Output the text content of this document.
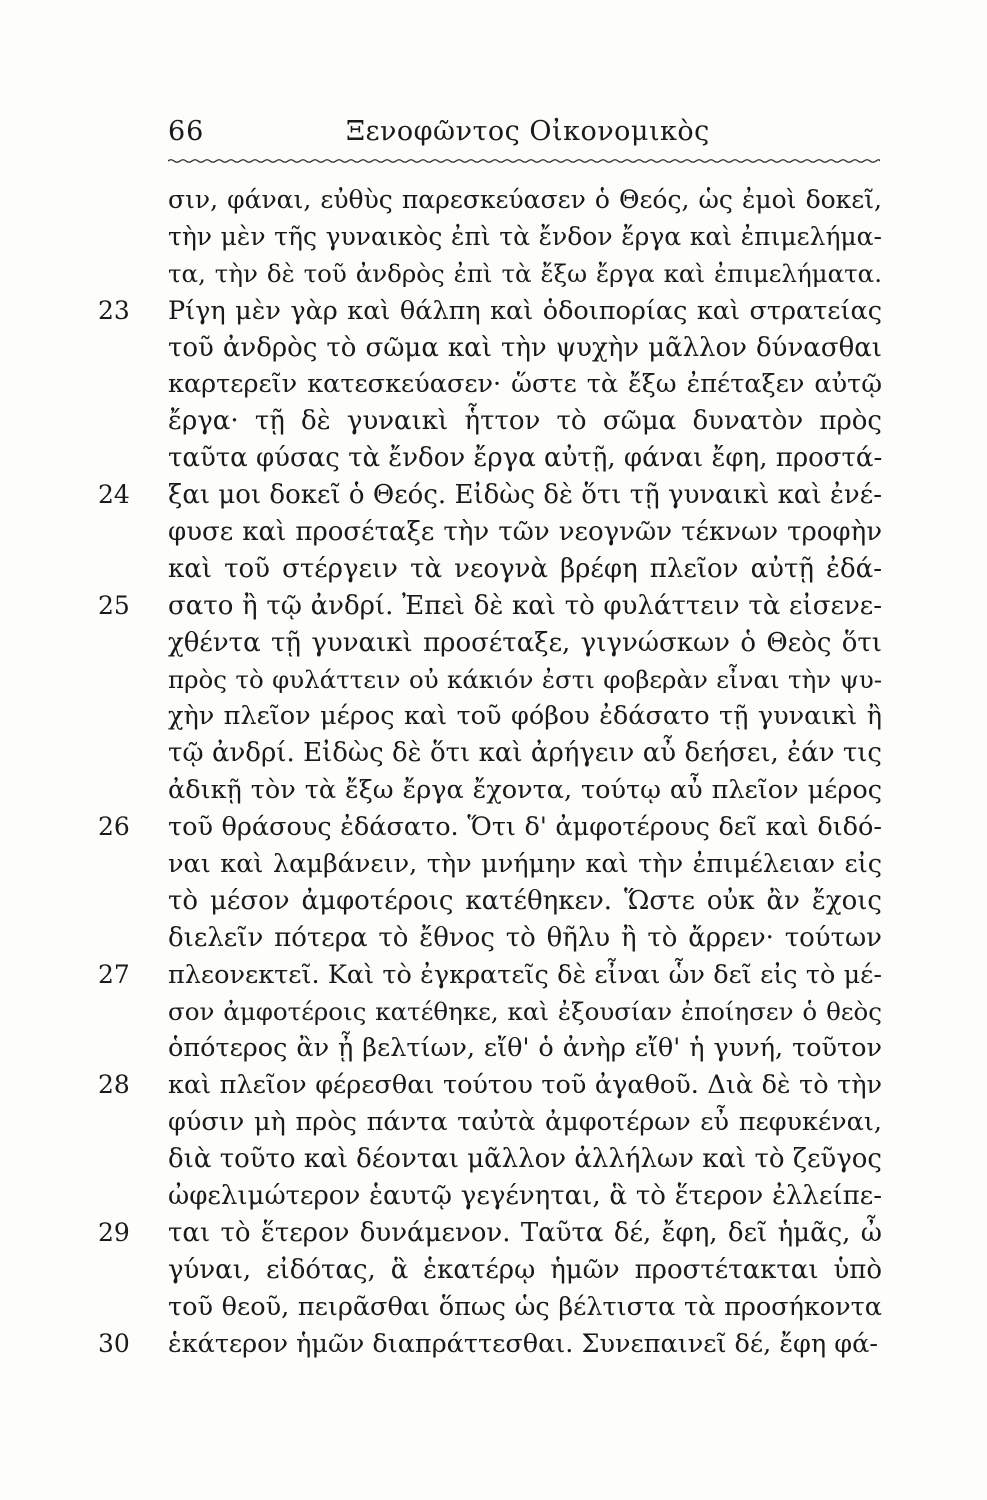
66	Ξενοφῶντος Οἰκονομικὸς
σιν, φάναι, εὐθὺς παρεσκεύασεν ὁ Θεός, ὡς ἐμοὶ δοκεῖ,
τὴν μὲν τῆς γυναικὸς ἐπὶ τὰ ἔνδον ἔργα καὶ ἐπιμελήμα-
τα, τὴν δὲ τοῦ ἀνδρὸς ἐπὶ τὰ ἔξω ἔργα καὶ ἐπιμελήματα.
23	Ρίγη μὲν γὰρ καὶ θάλπη καὶ ὁδοιπορίας καὶ στρατείας
τοῦ ἀνδρὸς τὸ σῶμα καὶ τὴν ψυχὴν μᾶλλον δύνασθαι
καρτερεῖν κατεσκεύασεν· ὥστε τὰ ἔξω ἐπέταξεν αὐτῷ
ἔργα· τῇ δὲ γυναικὶ ἧττον τὸ σῶμα δυνατὸν πρὸς
ταῦτα φύσας τὰ ἔνδον ἔργα αὐτῇ, φάναι ἔφη, προστά-
24	ξαι μοι δοκεῖ ὁ Θεός. Εἰδὼς δὲ ὅτι τῇ γυναικὶ καὶ ἐνέ-
φυσε καὶ προσέταξε τὴν τῶν νεογνῶν τέκνων τροφὴν
καὶ τοῦ στέργειν τὰ νεογνὰ βρέφη πλεῖον αὐτῇ ἐδά-
25	σατο ἢ τῷ ἀνδρί. Ἐπεὶ δὲ καὶ τὸ φυλάττειν τὰ εἰσενε-
χθέντα τῇ γυναικὶ προσέταξε, γιγνώσκων ὁ Θεὸς ὅτι
πρὸς τὸ φυλάττειν οὐ κάκιόν ἐστι φοβερὰν εἶναι τὴν ψυ-
χὴν πλεῖον μέρος καὶ τοῦ φόβου ἐδάσατο τῇ γυναικὶ ἢ
τῷ ἀνδρί. Εἰδὼς δὲ ὅτι καὶ ἀρήγειν αὖ δεήσει, ἐάν τις
ἀδικῇ τὸν τὰ ἔξω ἔργα ἔχοντα, τούτῳ αὖ πλεῖον μέρος
26	τοῦ θράσους ἐδάσατο. Ὅτι δ' ἀμφοτέρους δεῖ καὶ διδό-
ναι καὶ λαμβάνειν, τὴν μνήμην καὶ τὴν ἐπιμέλειαν εἰς
τὸ μέσον ἀμφοτέροις κατέθηκεν. Ὥστε οὐκ ἂν ἔχοις
διελεῖν πότερα τὸ ἔθνος τὸ θῆλυ ἢ τὸ ἄρρεν· τούτων
27	πλεονεκτεῖ. Καὶ τὸ ἐγκρατεῖς δὲ εἶναι ὧν δεῖ εἰς τὸ μέ-
σον ἀμφοτέροις κατέθηκε, καὶ ἐξουσίαν ἐποίησεν ὁ θεὸς
ὁπότερος ἂν ᾖ βελτίων, εἴθ' ὁ ἀνὴρ εἴθ' ἡ γυνή, τοῦτον
28	καὶ πλεῖον φέρεσθαι τούτου τοῦ ἀγαθοῦ. Διὰ δὲ τὸ τὴν
φύσιν μὴ πρὸς πάντα ταὐτὰ ἀμφοτέρων εὖ πεφυκέναι,
διὰ τοῦτο καὶ δέονται μᾶλλον ἀλλήλων καὶ τὸ ζεῦγος
ὠφελιμώτερον ἑαυτῷ γεγένηται, ἃ τὸ ἕτερον ἐλλείπε-
29	ται τὸ ἕτερον δυνάμενον. Ταῦτα δέ, ἔφη, δεῖ ἡμᾶς, ὦ
γύναι, εἰδότας, ἃ ἑκατέρῳ ἡμῶν προστέτακται ὑπὸ
τοῦ θεοῦ, πειρᾶσθαι ὅπως ὡς βέλτιστα τὰ προσήκοντα
30	ἑκάτερον ἡμῶν διαπράττεσθαι. Συνεπαινεῖ δέ, ἔφη φά-
